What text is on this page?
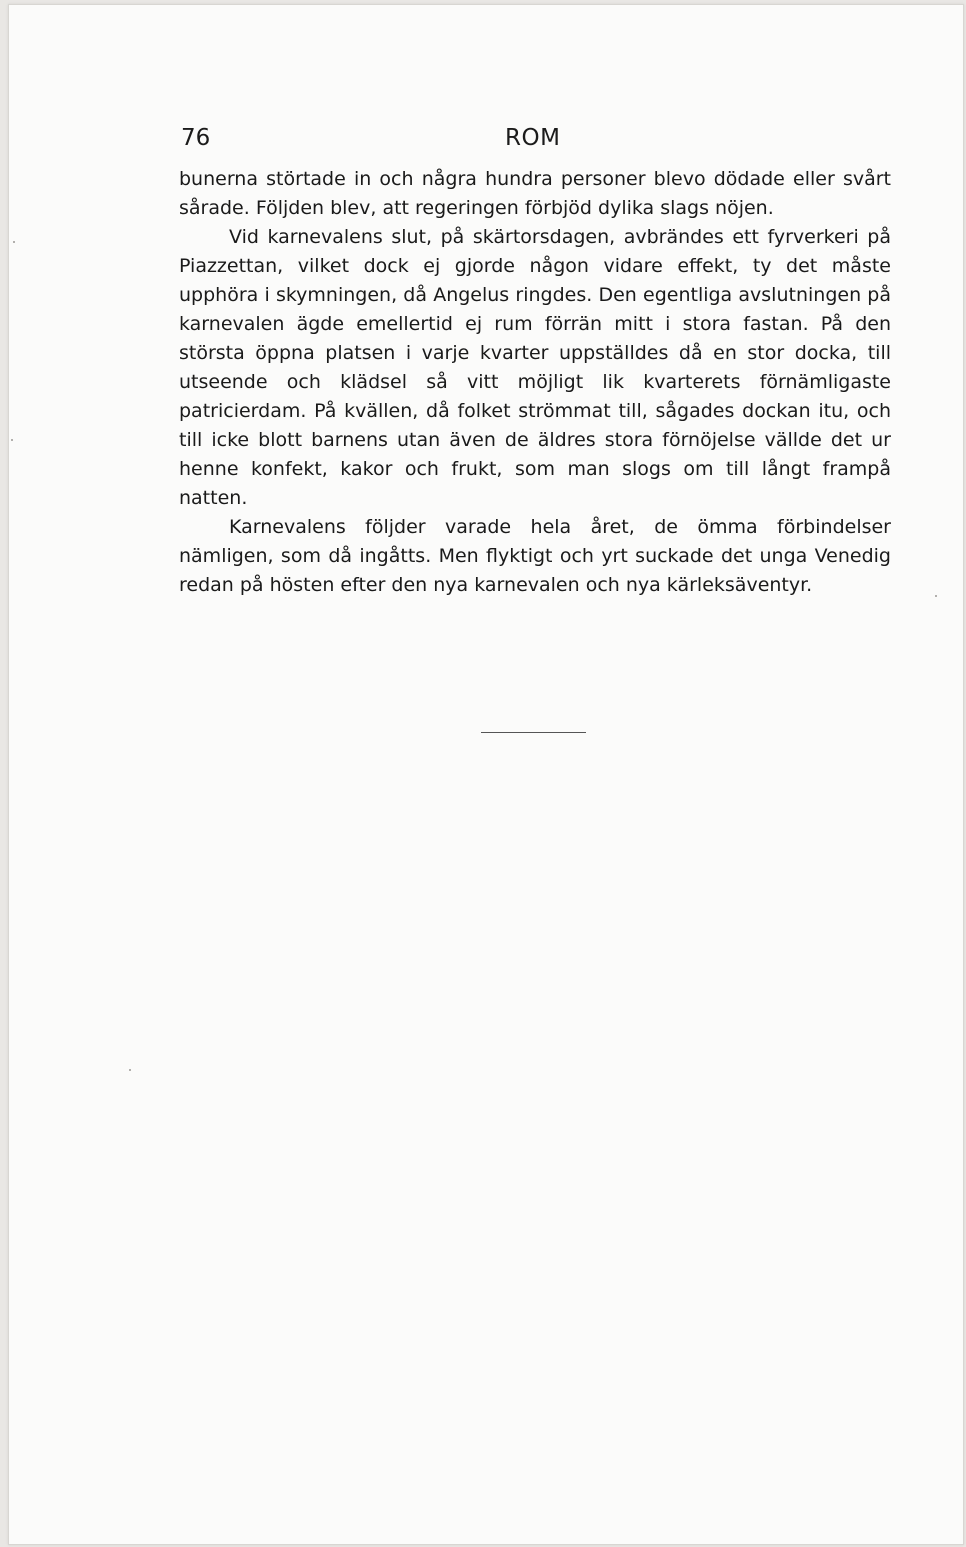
76	ROM

bunerna störtade in och några hundra personer blevo dödade eller svårt sårade. Följden blev, att regeringen förbjöd dylika slags nöjen.

Vid karnevalens slut, på skärtorsdagen, avbrändes ett fyrverkeri på Piazzettan, vilket dock ej gjorde någon vidare effekt, ty det måste upphöra i skymningen, då Angelus ringdes. Den egentliga avslutningen på karnevalen ägde emellertid ej rum förrän mitt i stora fastan. På den största öppna platsen i varje kvarter uppställdes då en stor docka, till utseende och klädsel så vitt möjligt lik kvarterets förnämligaste patricierdam. På kvällen, då folket strömmat till, sågades dockan itu, och till icke blott barnens utan även de äldres stora förnöjelse vällde det ur henne konfekt, kakor och frukt, som man slogs om till långt frampå natten.

Karnevalens följder varade hela året, de ömma förbindelser nämligen, som då ingåtts. Men flyktigt och yrt suckade det unga Venedig redan på hösten efter den nya karnevalen och nya kärleksäventyr.
